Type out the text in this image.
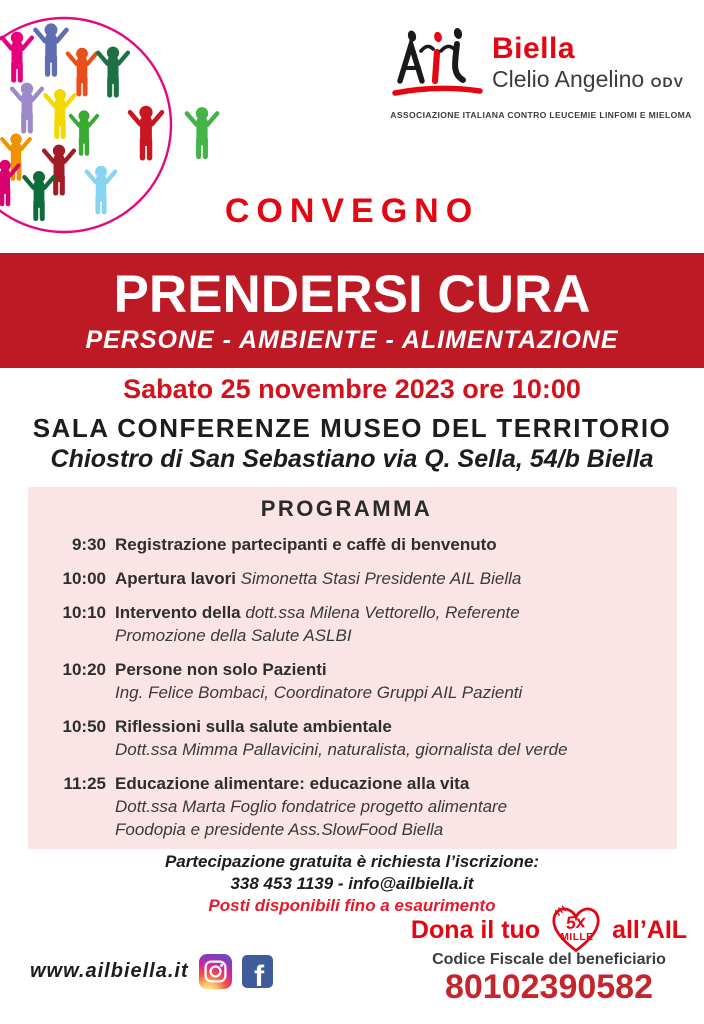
Biella
Clelio Angelino ODV
ASSOCIAZIONE ITALIANA CONTRO LEUCEMIE LINFOMI E MIELOMA
CONVEGNO
PRENDERSI CURA
PERSONE - AMBIENTE - ALIMENTAZIONE
Sabato 25 novembre 2023 ore 10:00
SALA CONFERENZE MUSEO DEL TERRITORIO
Chiostro di San Sebastiano via Q. Sella, 54/b Biella
PROGRAMMA
9:30 Registrazione partecipanti e caffè di benvenuto
10:00 Apertura lavori Simonetta Stasi Presidente AIL Biella
10:10 Intervento della dott.ssa Milena Vettorello, Referente
Promozione della Salute ASLBI
10:20 Persone non solo Pazienti
Ing. Felice Bombaci, Coordinatore Gruppi AIL Pazienti
10:50 Riflessioni sulla salute ambientale
Dott.ssa Mimma Pallavicini, naturalista, giornalista del verde
11:25 Educazione alimentare: educazione alla vita
Dott.ssa Marta Foglio fondatrice progetto alimentare
Foodopia e presidente Ass.SlowFood Biella
Partecipazione gratuita è richiesta l’iscrizione:
338 453 1139 - info@ailbiella.it
Posti disponibili fino a esaurimento
Dona il tuo 5x
MILLE all’AIL
Codice Fiscale del beneficiario
80102390582
www.ailbiella.it f
